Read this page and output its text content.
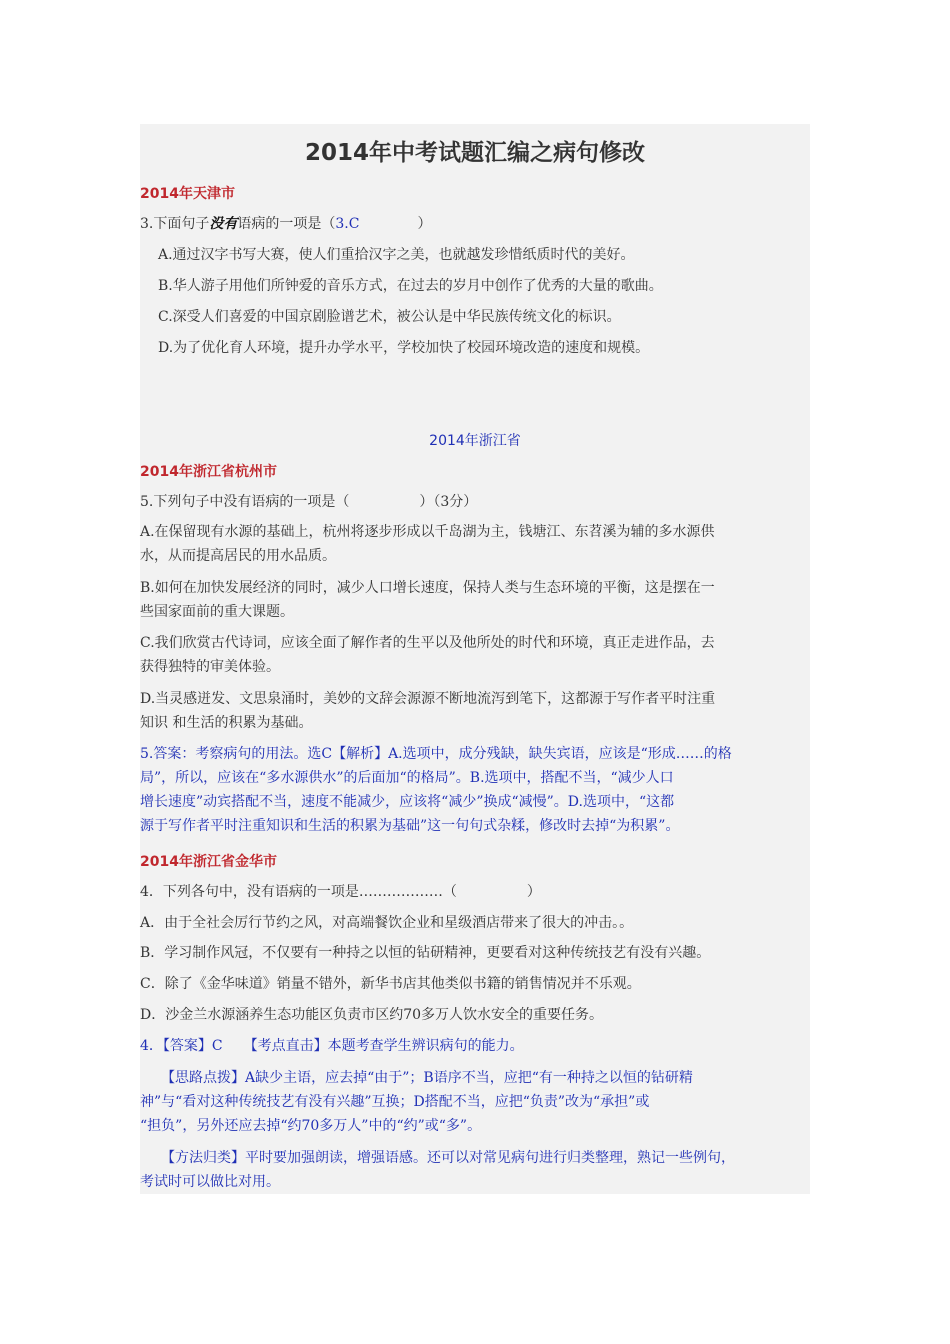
2014年中考试题汇编之病句修改
2014年天津市
3.下面句子没有语病的一项是（3.C	）
A.通过汉字书写大赛，使人们重拾汉字之美，也就越发珍惜纸质时代的美好。
B.华人游子用他们所钟爱的音乐方式，在过去的岁月中创作了优秀的大量的歌曲。
C.深受人们喜爱的中国京剧脸谱艺术，被公认是中华民族传统文化的标识。
D.为了优化育人环境，提升办学水平，学校加快了校园环境改造的速度和规模。
2014年浙江省
2014年浙江省杭州市
5.下列句子中没有语病的一项是（　　　　　）（3分）
A.在保留现有水源的基础上，杭州将逐步形成以千岛湖为主，钱塘江、东苕溪为辅的多水源供
水，从而提高居民的用水品质。
B.如何在加快发展经济的同时，减少人口增长速度，保持人类与生态环境的平衡，这是摆在一
些国家面前的重大课题。
C.我们欣赏古代诗词，应该全面了解作者的生平以及他所处的时代和环境，真正走进作品，去
获得独特的审美体验。
D.当灵感迸发、文思泉涌时，美妙的文辞会源源不断地流泻到笔下，这都源于写作者平时注重
知识 和生活的积累为基础。
5.答案：考察病句的用法。选C【解析】A.选项中，成分残缺，缺失宾语，应该是“形成……的格
局”，所以，应该在“多水源供水”的后面加“的格局”。B.选项中，搭配不当，“减少人口
增长速度”动宾搭配不当，速度不能减少，应该将“减少”换成“减慢”。D.选项中，“这都
源于写作者平时注重知识和生活的积累为基础”这一句句式杂糅，修改时去掉“为积累”。
2014年浙江省金华市
4．下列各句中，没有语病的一项是………………（　　　　　）
A．由于全社会厉行节约之风，对高端餐饮企业和星级酒店带来了很大的冲击。。
B．学习制作风冠，不仅要有一种持之以恒的钻研精神，更要看对这种传统技艺有没有兴趣。
C．除了《金华味道》销量不错外，新华书店其他类似书籍的销售情况并不乐观。
D．沙金兰水源涵养生态功能区负责市区约70多万人饮水安全的重要任务。
4．【答案】C　　【考点直击】本题考查学生辨识病句的能力。
　　【思路点拨】A缺少主语，应去掉“由于”；B语序不当，应把“有一种持之以恒的钻研精
神”与“看对这种传统技艺有没有兴趣”互换；D搭配不当，应把“负责”改为“承担”或
“担负”，另外还应去掉“约70多万人”中的“约”或“多”。
　　【方法归类】平时要加强朗读，增强语感。还可以对常见病句进行归类整理，熟记一些例句，
考试时可以做比对用。
